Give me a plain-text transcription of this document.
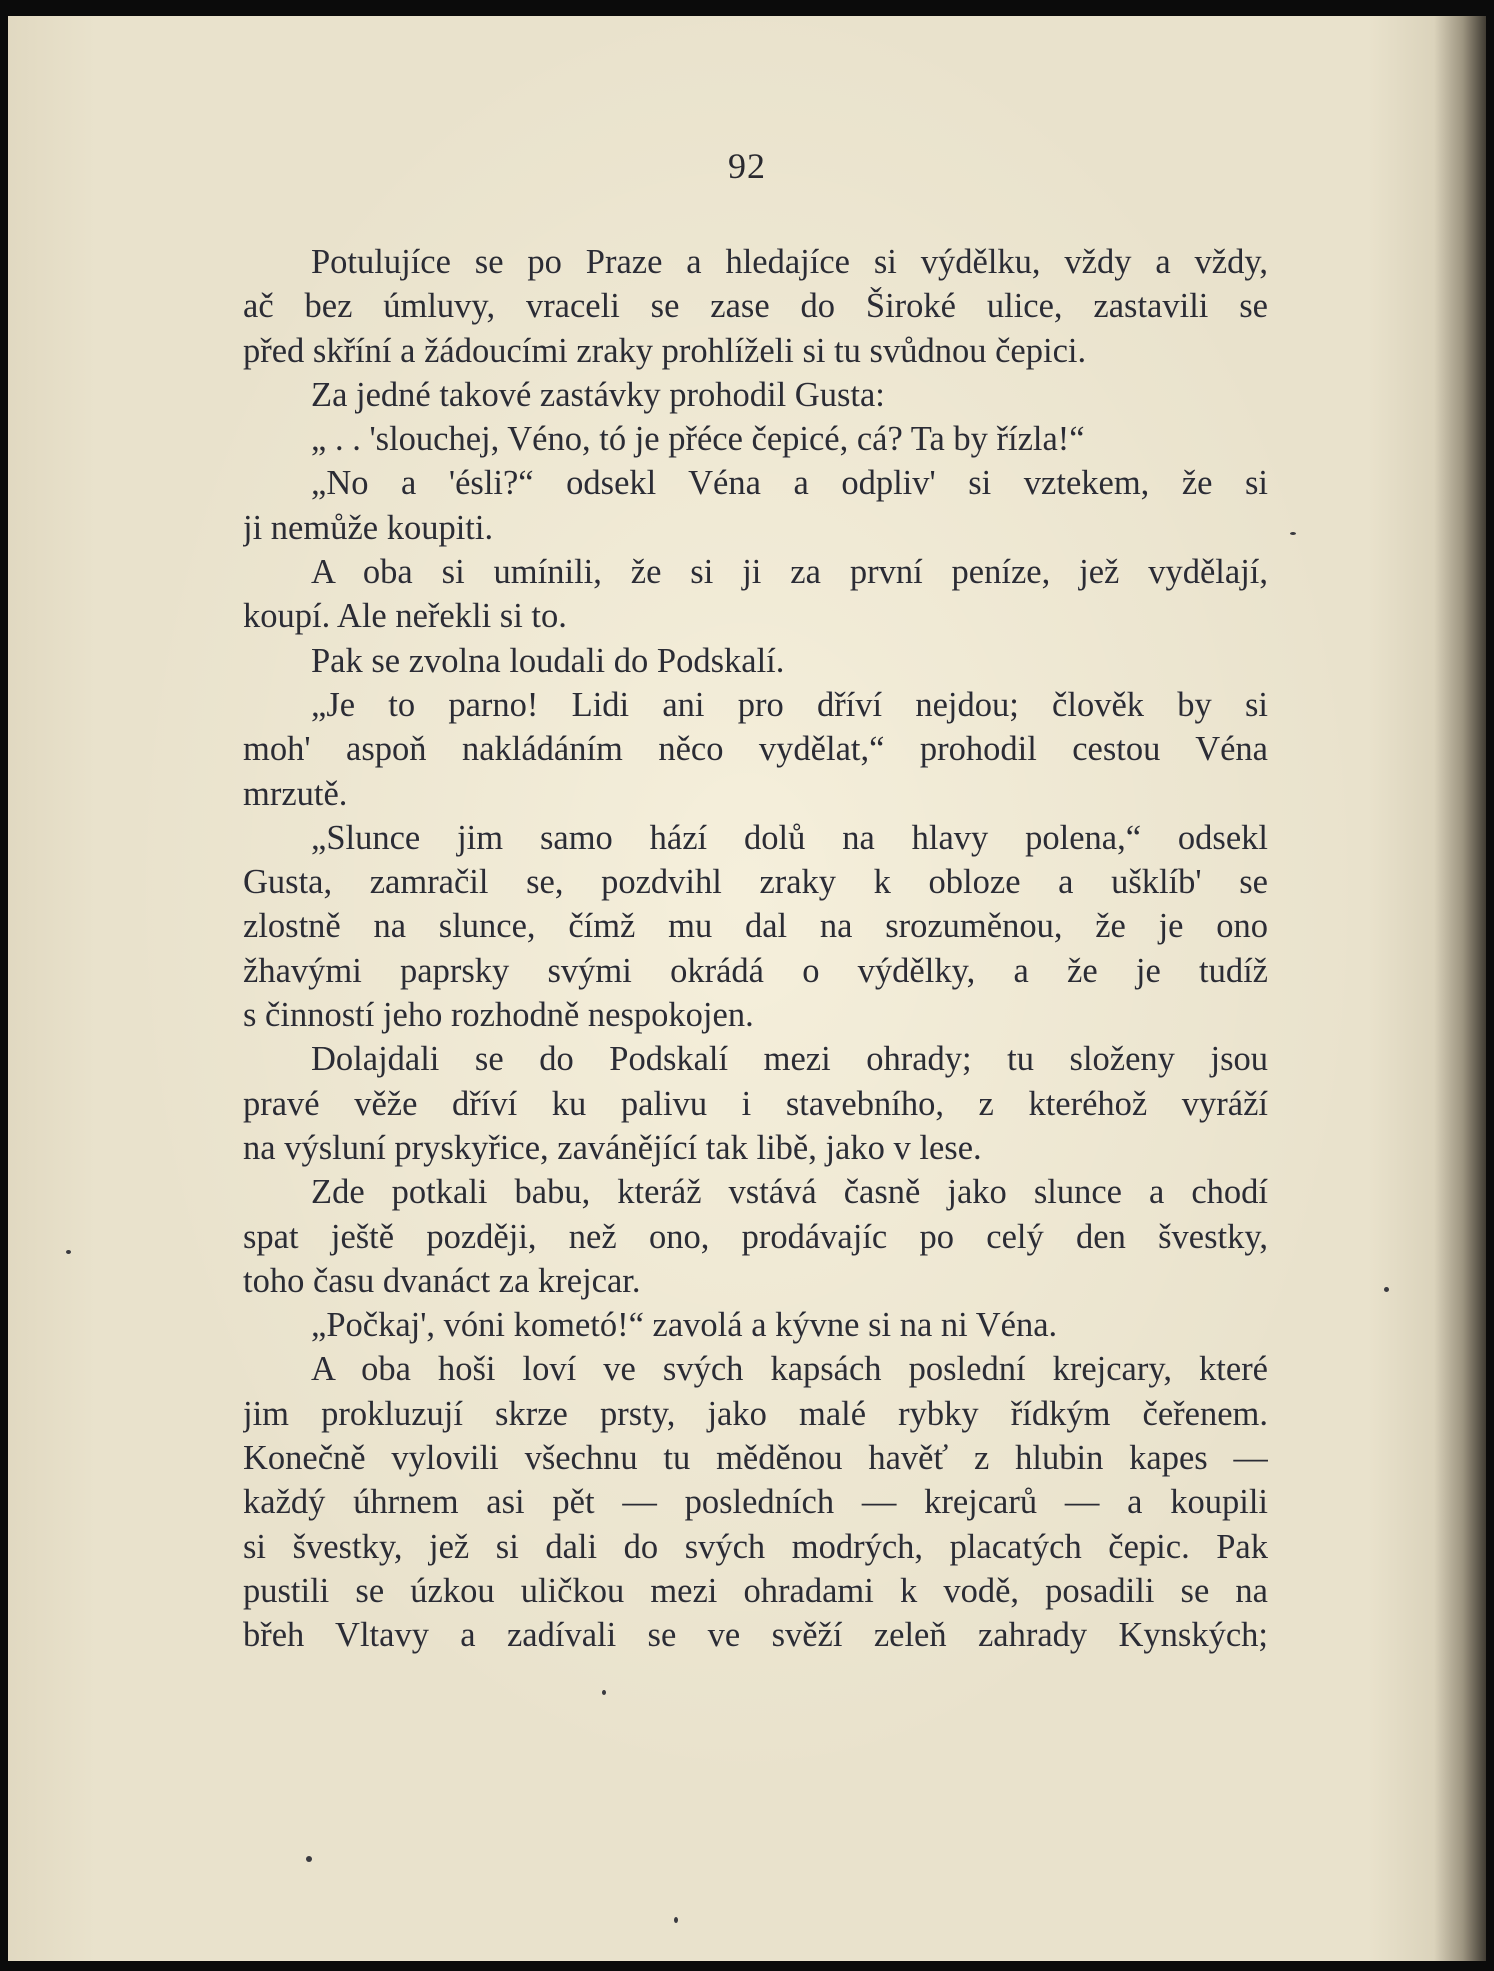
92
Potulujíce se po Praze a hledajíce si výdělku, vždy a vždy,
ač bez úmluvy, vraceli se zase do Široké ulice, zastavili se
před skříní a žádoucími zraky prohlíželi si tu svůdnou čepici.
Za jedné takové zastávky prohodil Gusta:
„ . . 'slouchej, Véno, tó je přéce čepicé, cá? Ta by řízla!“
„No a 'ésli?“ odsekl Véna a odpliv' si vztekem, že si
ji nemůže koupiti.
A oba si umínili, že si ji za první peníze, jež vydělají,
koupí. Ale neřekli si to.
Pak se zvolna loudali do Podskalí.
„Je to parno! Lidi ani pro dříví nejdou; člověk by si
moh' aspoň nakládáním něco vydělat,“ prohodil cestou Véna
mrzutě.
„Slunce jim samo hází dolů na hlavy polena,“ odsekl
Gusta, zamračil se, pozdvihl zraky k obloze a ušklíb' se
zlostně na slunce, čímž mu dal na srozuměnou, že je ono
žhavými paprsky svými okrádá o výdělky, a že je tudíž
s činností jeho rozhodně nespokojen.
Dolajdali se do Podskalí mezi ohrady; tu složeny jsou
pravé věže dříví ku palivu i stavebního, z kteréhož vyráží
na výsluní pryskyřice, zavánějící tak libě, jako v lese.
Zde potkali babu, kteráž vstává časně jako slunce a chodí
spat ještě později, než ono, prodávajíc po celý den švestky,
toho času dvanáct za krejcar.
„Počkaj', vóni kometó!“ zavolá a kývne si na ni Véna.
A oba hoši loví ve svých kapsách poslední krejcary, které
jim prokluzují skrze prsty, jako malé rybky řídkým čeřenem.
Konečně vylovili všechnu tu měděnou havěť z hlubin kapes —
každý úhrnem asi pět — posledních — krejcarů — a koupili
si švestky, jež si dali do svých modrých, placatých čepic. Pak
pustili se úzkou uličkou mezi ohradami k vodě, posadili se na
břeh Vltavy a zadívali se ve svěží zeleň zahrady Kynských;
